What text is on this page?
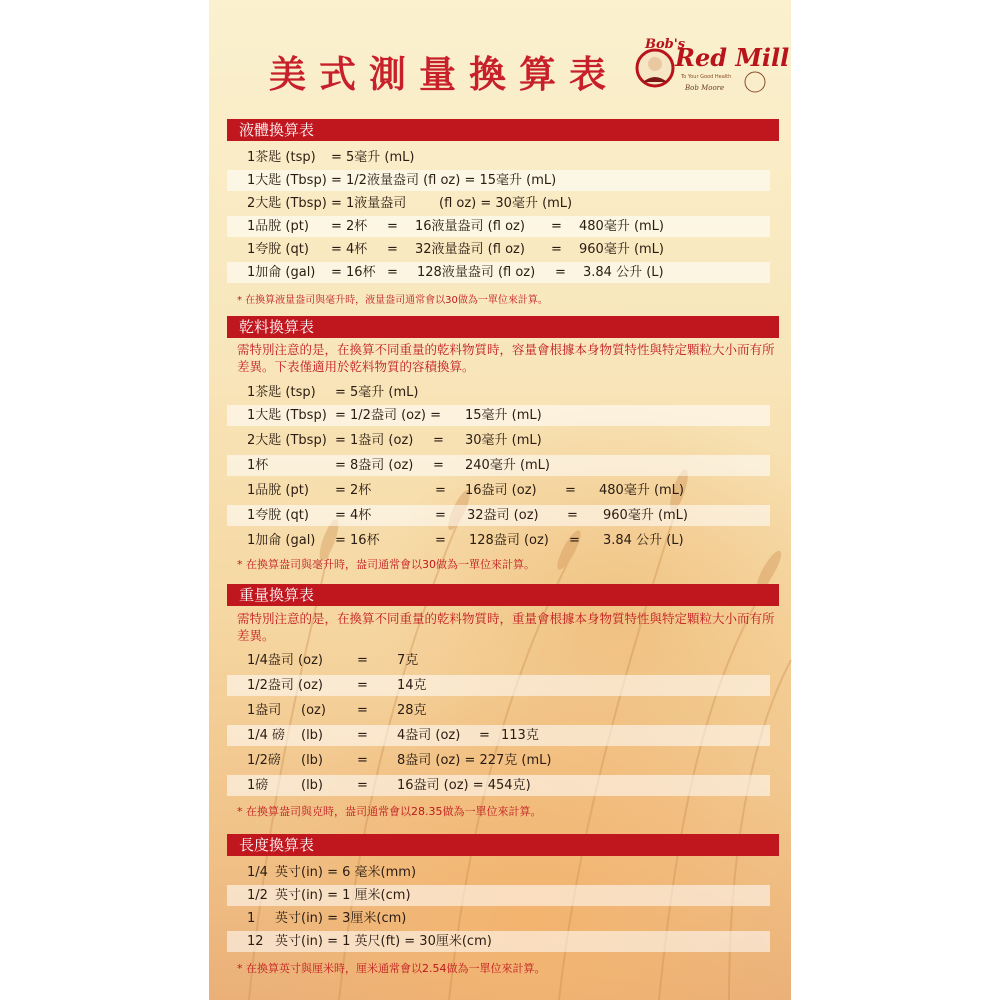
美式測量換算表
Bob's
Red Mill
To Your Good Health
Bob Moore
液體換算表
1茶匙 (tsp) = 5毫升 (mL)
1大匙 (Tbsp) = 1/2液量盎司 (fl oz) = 15毫升 (mL)
2大匙 (Tbsp) = 1液量盎司	(fl oz) = 30毫升 (mL)
1品脫 (pt) = 2杯 = 16液量盎司 (fl oz) = 480毫升 (mL)
1夸脫 (qt) = 4杯 = 32液量盎司 (fl oz) = 960毫升 (mL)
1加侖 (gal) = 16杯 = 128液量盎司 (fl oz) = 3.84 公升 (L)
* 在換算液量盎司與毫升時，液量盎司通常會以30做為一單位來計算。
乾料換算表
需特別注意的是，在換算不同重量的乾料物質時，容量會根據本身物質特性與特定顆粒大小而有所差異。下表僅適用於乾料物質的容積換算。
1茶匙 (tsp) = 5毫升 (mL)
1大匙 (Tbsp) = 1/2盎司 (oz) = 15毫升 (mL)
2大匙 (Tbsp) = 1盎司 (oz) = 30毫升 (mL)
1杯	= 8盎司 (oz) = 240毫升 (mL)
1品脫 (pt) = 2杯	= 16盎司 (oz) = 480毫升 (mL)
1夸脫 (qt) = 4杯	= 32盎司 (oz) = 960毫升 (mL)
1加侖 (gal) = 16杯	= 128盎司 (oz) = 3.84 公升 (L)
* 在換算盎司與毫升時，盎司通常會以30做為一單位來計算。
重量換算表
需特別注意的是，在換算不同重量的乾料物質時，重量會根據本身物質特性與特定顆粒大小而有所差異。
1/4盎司 (oz)	= 7克
1/2盎司 (oz)	= 14克
1盎司 (oz) = 28克
1/4 磅 (lb)	= 4盎司 (oz) = 113克
1/2磅 (lb)	= 8盎司 (oz) = 227克 (mL)
1磅	(lb)	= 16盎司 (oz) = 454克)
* 在換算盎司與克時，盎司通常會以28.35做為一單位來計算。
長度換算表
1/4 英寸(in) = 6 毫米(mm)
1/2 英寸(in) = 1 厘米(cm)
1 英寸(in) = 3厘米(cm)
12 英寸(in) = 1 英尺(ft) = 30厘米(cm)
* 在換算英寸與厘米時，厘米通常會以2.54做為一單位來計算。
